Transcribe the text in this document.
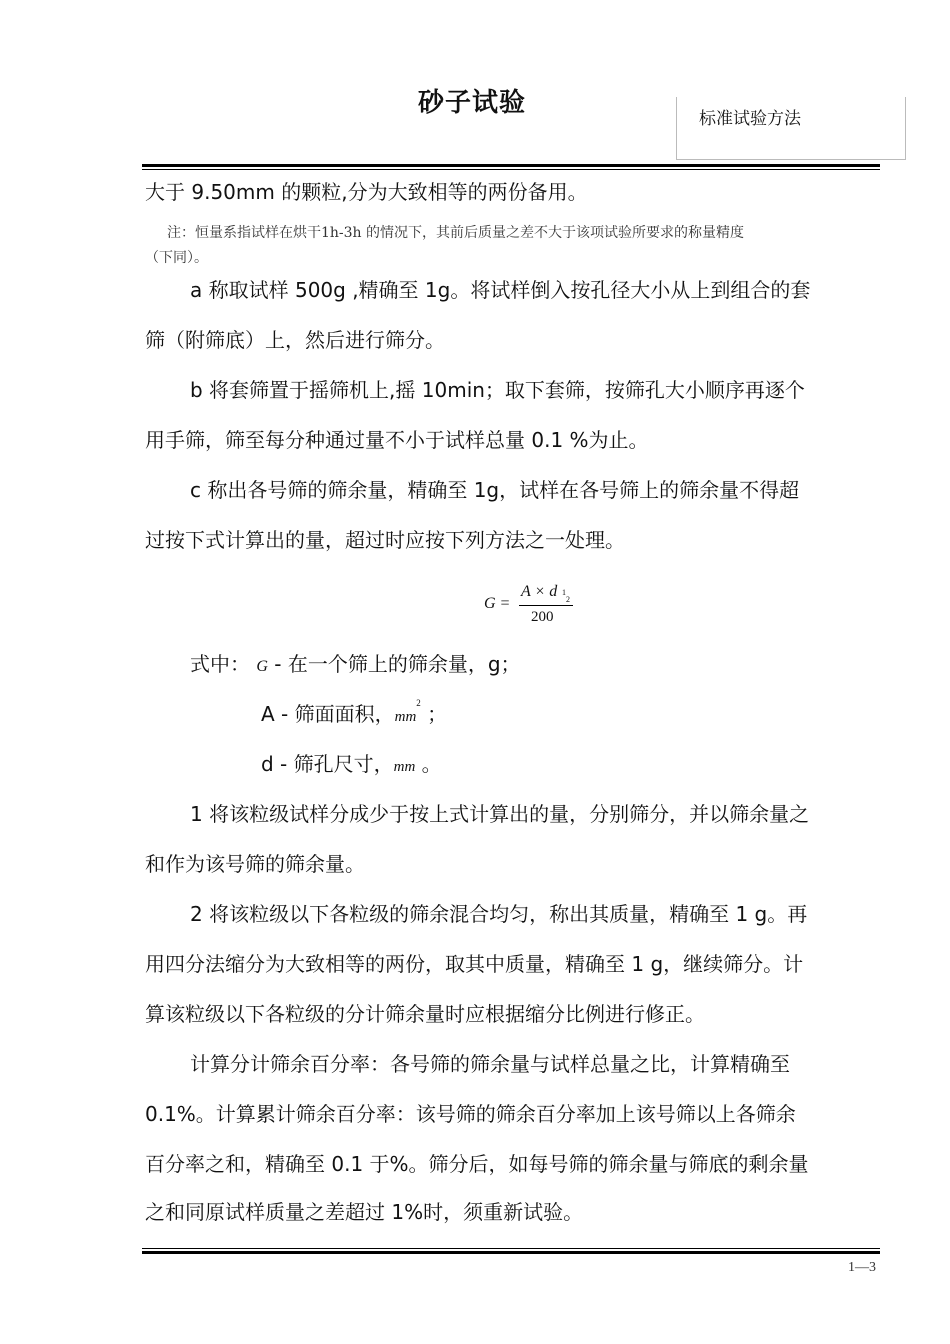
砂子试验
标准试验方法
大于 9.50mm 的颗粒,分为大致相等的两份备用。
注：恒量系指试样在烘干1h-3h 的情况下，其前后质量之差不大于该项试验所要求的称量精度
（下同）。
a 称取试样 500g ,精确至 1g。将试样倒入按孔径大小从上到组合的套
筛（附筛底）上，然后进行筛分。
b 将套筛置于摇筛机上,摇 10min；取下套筛，按筛孔大小顺序再逐个
用手筛，筛至每分种通过量不小于试样总量 0.1 %为止。
c 称出各号筛的筛余量，精确至 1g，试样在各号筛上的筛余量不得超
过按下式计算出的量，超过时应按下列方法之一处理。
G =
A × d 1
2
200
式中： G - 在一个筛上的筛余量，g；
A - 筛面面积，$mm^2$ ；
d - 筛孔尺寸，mm 。
1 将该粒级试样分成少于按上式计算出的量，分别筛分，并以筛余量之
和作为该号筛的筛余量。
2 将该粒级以下各粒级的筛余混合均匀，称出其质量，精确至 1 g。再
用四分法缩分为大致相等的两份，取其中质量，精确至 1 g，继续筛分。计
算该粒级以下各粒级的分计筛余量时应根据缩分比例进行修正。
计算分计筛余百分率：各号筛的筛余量与试样总量之比，计算精确至
0.1%。计算累计筛余百分率：该号筛的筛余百分率加上该号筛以上各筛余
百分率之和，精确至 0.1 于%。筛分后，如每号筛的筛余量与筛底的剩余量
之和同原试样质量之差超过 1%时，须重新试验。
1—3
